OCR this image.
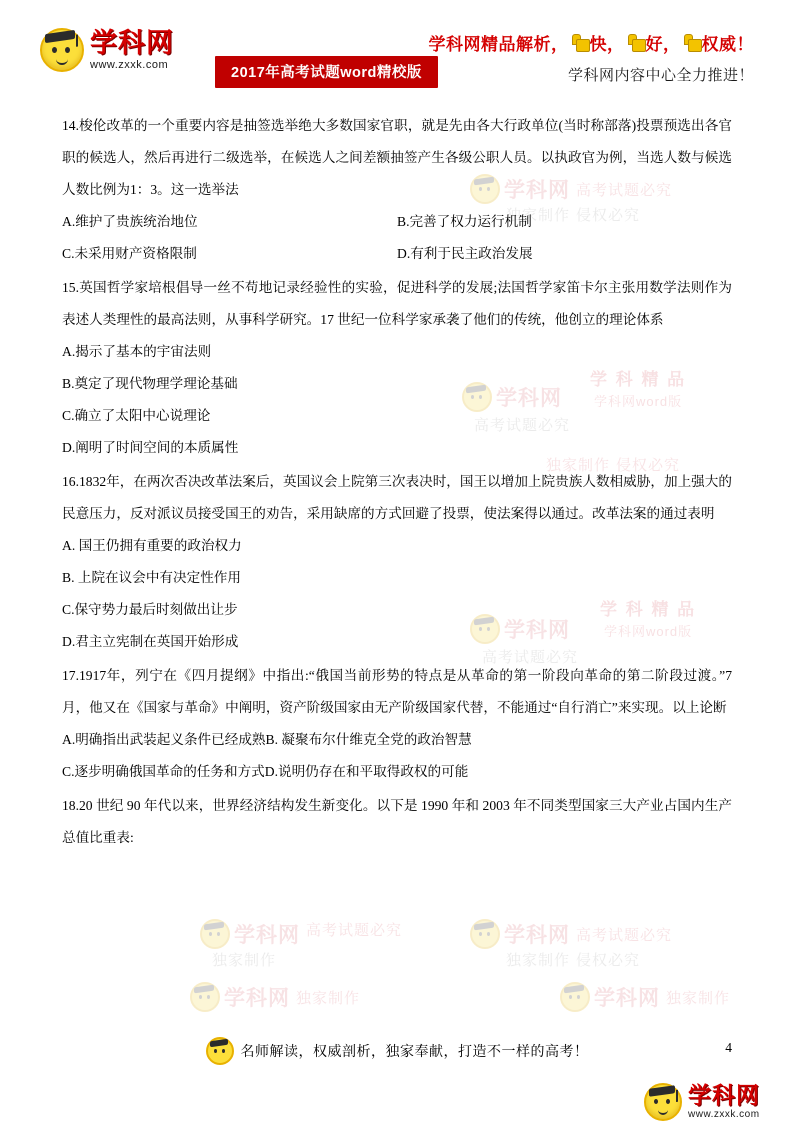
学科网 高考试题必究
独家制作 侵权必究
学 科 精 品
学科网word版
学科网
高考试题必究
独家制作 侵权必究
学 科 精 品
学科网word版
学科网
高考试题必究
学科网
独家制作
高考试题必究	学科网 高考试题必究
独家制作 侵权必究
学科网 独家制作	学科网 独家制作
学科网
www.zxxk.com
2017年高考试题word精校版
学科网精品解析， 快， 好， 权威！
学科网内容中心全力推进！
14.梭伦改革的一个重要内容是抽签选举绝大多数国家官职，就是先由各大行政单位(当时称部落)投票预选出各官职的候选人，然后再进行二级选举，在候选人之间差额抽签产生各级公职人员。以执政官为例，当选人数与候选人数比例为1：3。这一选举法
A.维护了贵族统治地位	B.完善了权力运行机制
C.未采用财产资格限制	D.有利于民主政治发展
15.英国哲学家培根倡导一丝不苟地记录经验性的实验，促进科学的发展;法国哲学家笛卡尔主张用数学法则作为表述人类理性的最高法则，从事科学研究。17 世纪一位科学家承袭了他们的传统，他创立的理论体系
A.揭示了基本的宇宙法则
B.奠定了现代物理学理论基础
C.确立了太阳中心说理论
D.阐明了时间空间的本质属性
16.1832年，在两次否决改革法案后，英国议会上院第三次表决时，国王以增加上院贵族人数相威胁，加上强大的民意压力，反对派议员接受国王的劝告，采用缺席的方式回避了投票，使法案得以通过。改革法案的通过表明
A. 国王仍拥有重要的政治权力
B. 上院在议会中有决定性作用
C.保守势力最后时刻做出让步
D.君主立宪制在英国开始形成
17.1917年，列宁在《四月提纲》中指出:“俄国当前形势的特点是从革命的第一阶段向革命的第二阶段过渡。”7月，他又在《国家与革命》中阐明，资产阶级国家由无产阶级国家代替，不能通过“自行消亡”来实现。以上论断
A.明确指出武装起义条件已经成熟B. 凝聚布尔什维克全党的政治智慧
C.逐步明确俄国革命的任务和方式D.说明仍存在和平取得政权的可能
18.20 世纪 90 年代以来，世界经济结构发生新变化。以下是 1990 年和 2003 年不同类型国家三大产业占国内生产总值比重表:
名师解读，权威剖析，独家奉献，打造不一样的高考！	4
学科网
www.zxxk.com
